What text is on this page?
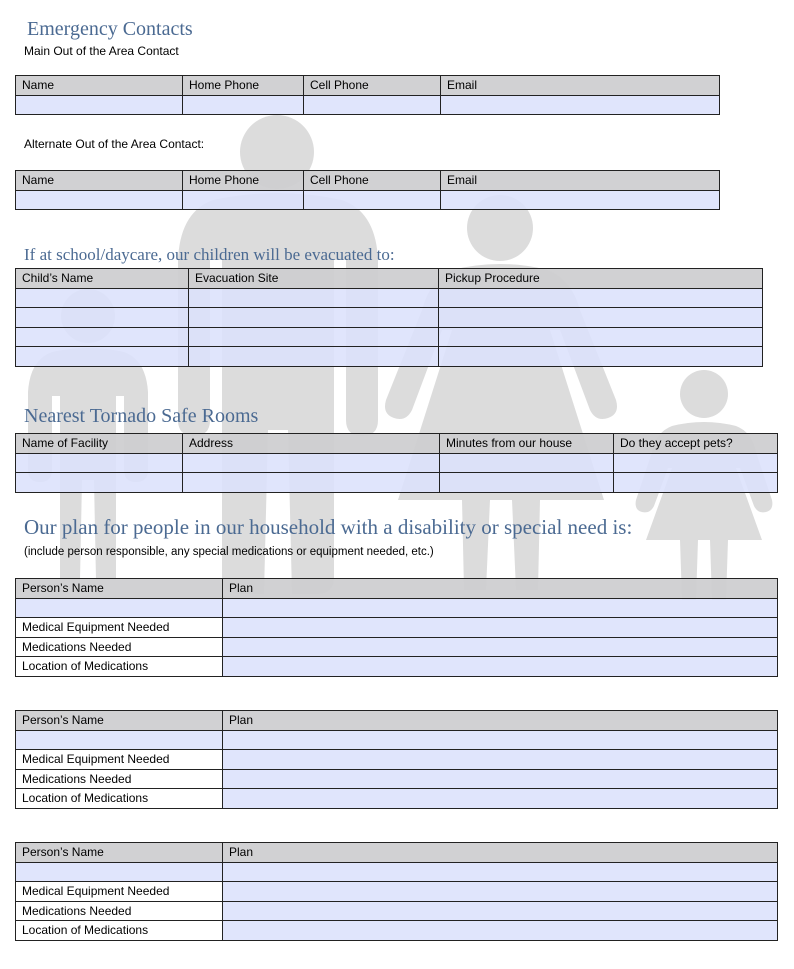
Emergency Contacts
Main Out of the Area Contact
Name	Home Phone	Cell Phone	Email

Alternate Out of the Area Contact:
Name	Home Phone	Cell Phone	Email

If at school/daycare, our children will be evacuated to:
Child’s Name	Evacuation Site	Pickup Procedure

Nearest Tornado Safe Rooms
Name of Facility	Address	Minutes from our house	Do they accept pets?

Our plan for people in our household with a disability or special need is:
(include person responsible, any special medications or equipment needed, etc.)
Person’s Name	Plan

Medical Equipment Needed	
Medications Needed	
Location of Medications	
Person’s Name	Plan

Medical Equipment Needed	
Medications Needed	
Location of Medications	
Person’s Name	Plan

Medical Equipment Needed	
Medications Needed	
Location of Medications	
